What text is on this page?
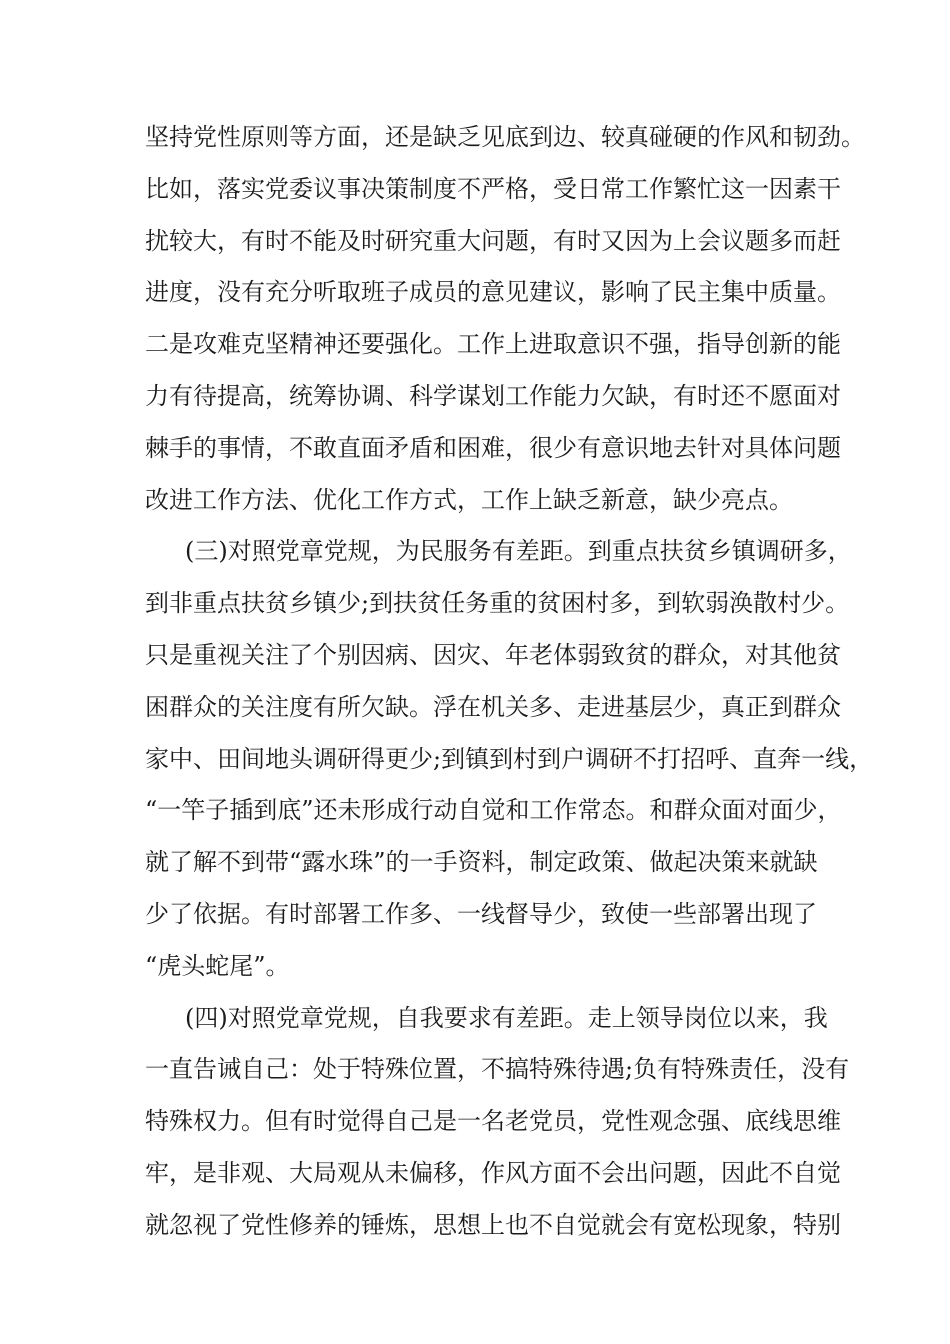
坚持党性原则等方面，还是缺乏见底到边、较真碰硬的作风和韧劲。
比如，落实党委议事决策制度不严格，受日常工作繁忙这一因素干
扰较大，有时不能及时研究重大问题，有时又因为上会议题多而赶
进度，没有充分听取班子成员的意见建议，影响了民主集中质量。
二是攻难克坚精神还要强化。工作上进取意识不强，指导创新的能
力有待提高，统筹协调、科学谋划工作能力欠缺，有时还不愿面对
棘手的事情，不敢直面矛盾和困难，很少有意识地去针对具体问题
改进工作方法、优化工作方式，工作上缺乏新意，缺少亮点。
(三)对照党章党规，为民服务有差距。到重点扶贫乡镇调研多，
到非重点扶贫乡镇少;到扶贫任务重的贫困村多，到软弱涣散村少。
只是重视关注了个别因病、因灾、年老体弱致贫的群众，对其他贫
困群众的关注度有所欠缺。浮在机关多、走进基层少，真正到群众
家中、田间地头调研得更少;到镇到村到户调研不打招呼、直奔一线，
“一竿子插到底”还未形成行动自觉和工作常态。和群众面对面少，
就了解不到带“露水珠”的一手资料，制定政策、做起决策来就缺
少了依据。有时部署工作多、一线督导少，致使一些部署出现了
“虎头蛇尾”。
(四)对照党章党规，自我要求有差距。走上领导岗位以来，我
一直告诫自己：处于特殊位置，不搞特殊待遇;负有特殊责任，没有
特殊权力。但有时觉得自己是一名老党员，党性观念强、底线思维
牢，是非观、大局观从未偏移，作风方面不会出问题，因此不自觉
就忽视了党性修养的锤炼，思想上也不自觉就会有宽松现象，特别
